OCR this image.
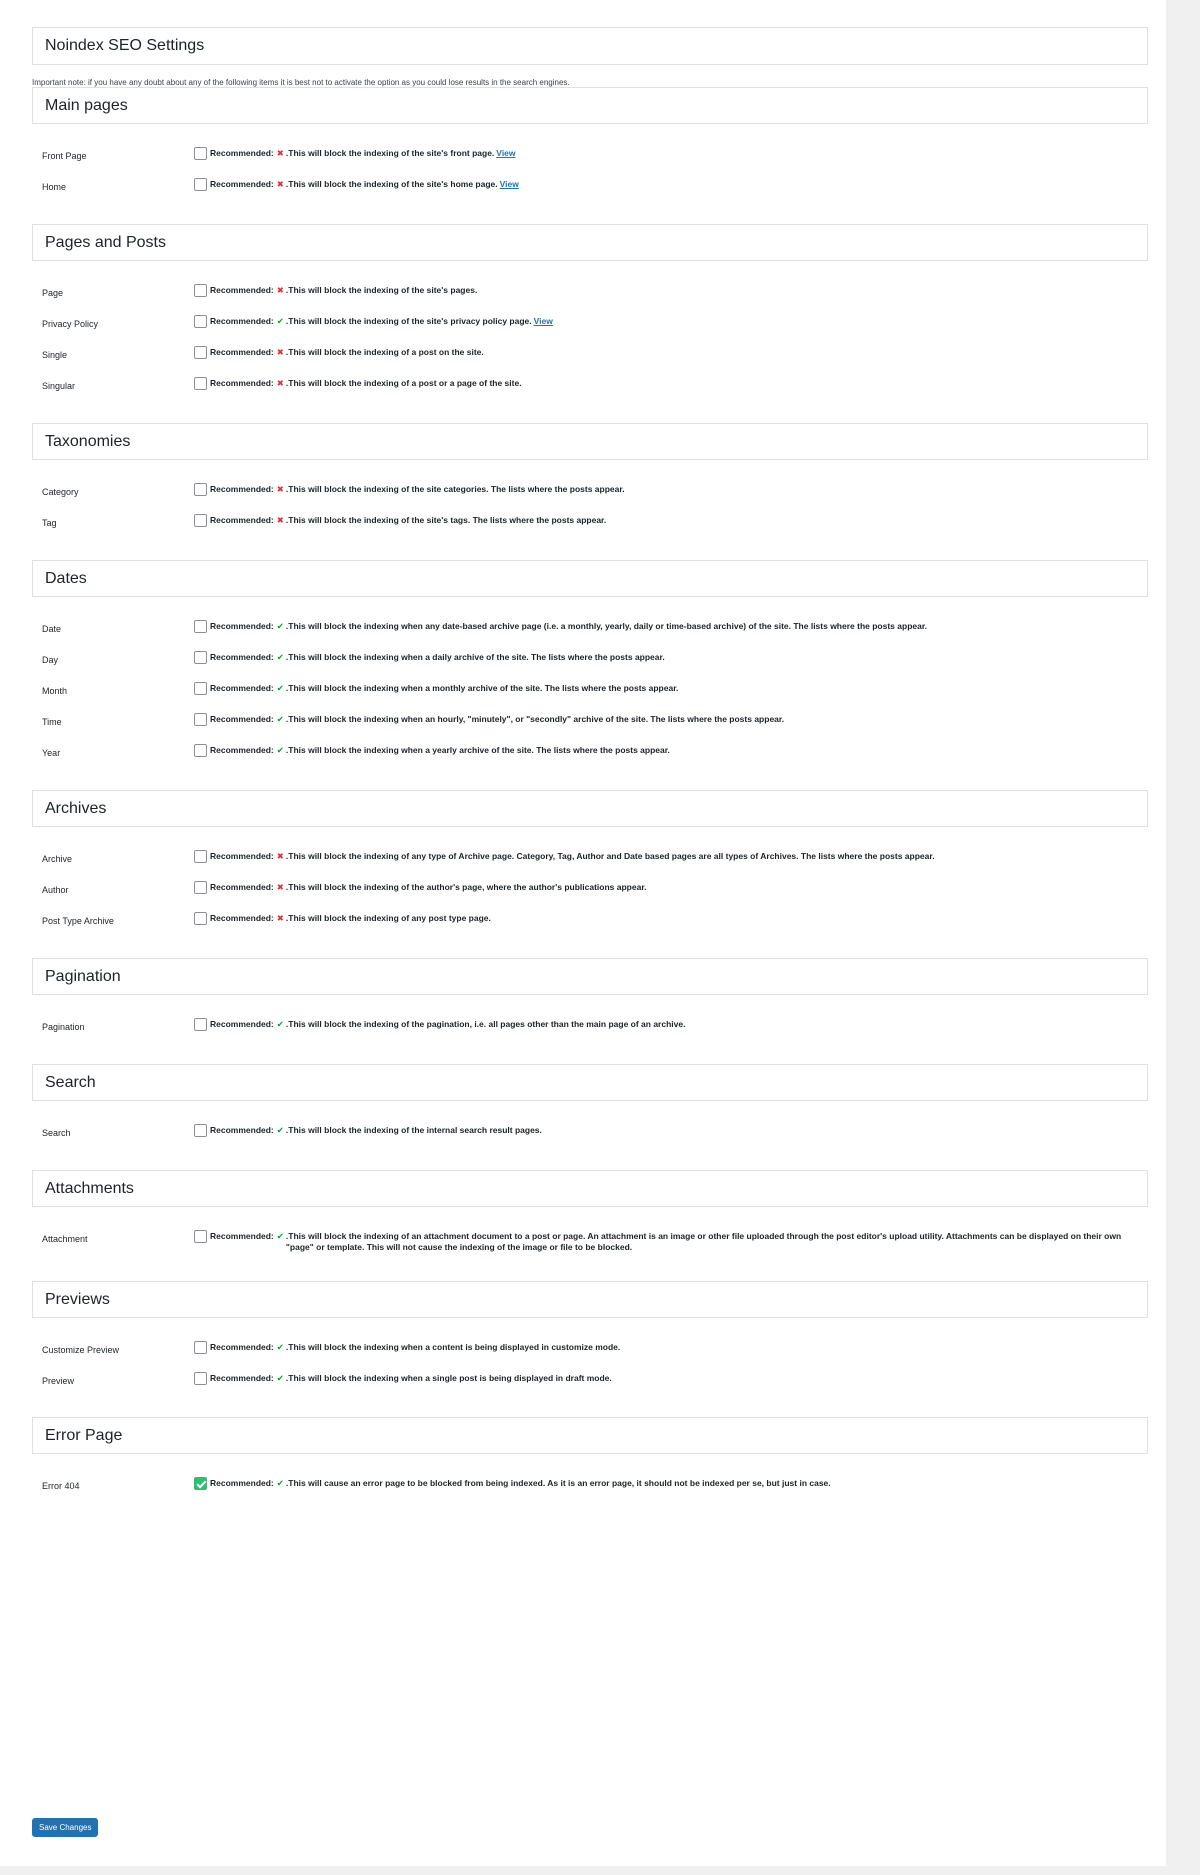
Noindex SEO Settings
Important note: if you have any doubt about any of the following items it is best not to activate the option as you could lose results in the search engines.
Main pages
Front Page	Recommended: ✖ .This will block the indexing of the site's front page. View
Home	Recommended: ✖ .This will block the indexing of the site's home page. View
Pages and Posts
Page	Recommended: ✖ .This will block the indexing of the site's pages.
Privacy Policy	Recommended: ✔ .This will block the indexing of the site's privacy policy page. View
Single	Recommended: ✖ .This will block the indexing of a post on the site.
Singular	Recommended: ✖ .This will block the indexing of a post or a page of the site.
Taxonomies
Category	Recommended: ✖ .This will block the indexing of the site categories. The lists where the posts appear.
Tag	Recommended: ✖ .This will block the indexing of the site's tags. The lists where the posts appear.
Dates
Date	Recommended: ✔ .This will block the indexing when any date-based archive page (i.e. a monthly, yearly, daily or time-based archive) of the site. The lists where the posts appear.
Day	Recommended: ✔ .This will block the indexing when a daily archive of the site. The lists where the posts appear.
Month	Recommended: ✔ .This will block the indexing when a monthly archive of the site. The lists where the posts appear.
Time	Recommended: ✔ .This will block the indexing when an hourly, "minutely", or "secondly" archive of the site. The lists where the posts appear.
Year	Recommended: ✔ .This will block the indexing when a yearly archive of the site. The lists where the posts appear.
Archives
Archive	Recommended: ✖ .This will block the indexing of any type of Archive page. Category, Tag, Author and Date based pages are all types of Archives. The lists where the posts appear.
Author	Recommended: ✖ .This will block the indexing of the author's page, where the author's publications appear.
Post Type Archive	Recommended: ✖ .This will block the indexing of any post type page.
Pagination
Pagination	Recommended: ✔ .This will block the indexing of the pagination, i.e. all pages other than the main page of an archive.
Search
Search	Recommended: ✔ .This will block the indexing of the internal search result pages.
Attachments
Attachment	Recommended: ✔ .This will block the indexing of an attachment document to a post or page. An attachment is an image or other file uploaded through the post editor's upload utility. Attachments can be displayed on their own "page" or template. This will not cause the indexing of the image or file to be blocked.
Previews
Customize Preview	Recommended: ✔ .This will block the indexing when a content is being displayed in customize mode.
Preview	Recommended: ✔ .This will block the indexing when a single post is being displayed in draft mode.
Error Page
Error 404	Recommended: ✔ .This will cause an error page to be blocked from being indexed. As it is an error page, it should not be indexed per se, but just in case.
Save Changes
